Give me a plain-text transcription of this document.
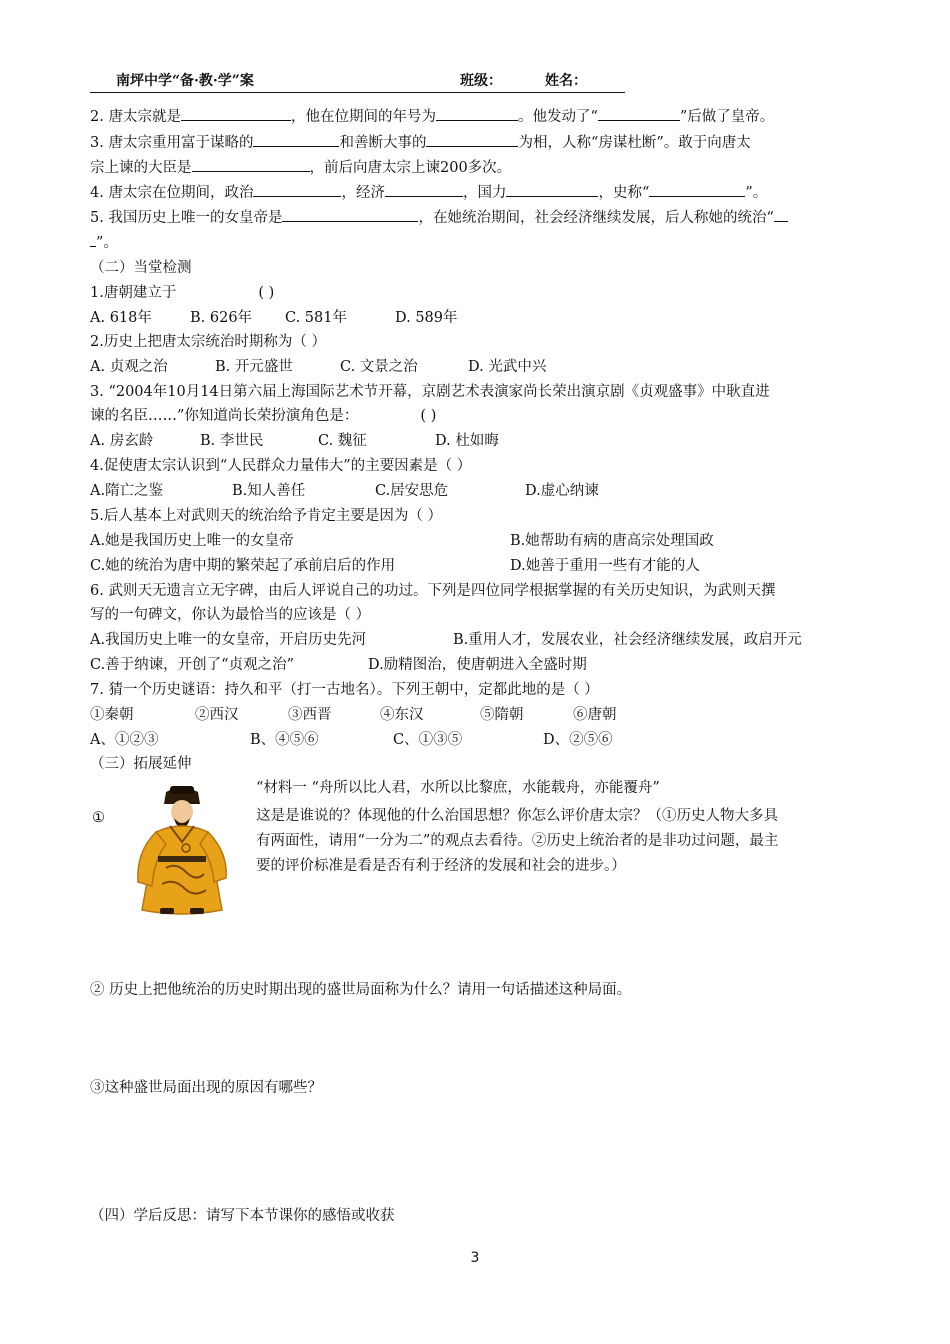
南坪中学“备·教·学”案	班级：	姓名：
2. 唐太宗就是	，他在位期间的年号为	。他发动了“	”后做了皇帝。
3. 唐太宗重用富于谋略的	和善断大事的	为相，人称“房谋杜断”。敢于向唐太
宗上谏的大臣是	，前后向唐太宗上谏200多次。
4. 唐太宗在位期间，政治	，经济	，国力	，史称“	”。
5. 我国历史上唯一的女皇帝是	，在她统治期间，社会经济继续发展，后人称她的统治“
”。
（二）当堂检测
1.唐朝建立于	( )
A. 618年	B. 626年 C. 581年	D. 589年
2.历史上把唐太宗统治时期称为（ ）
A. 贞观之治	B. 开元盛世	C. 文景之治	D. 光武中兴
3. “2004年10月14日第六届上海国际艺术节开幕，京剧艺术表演家尚长荣出演京剧《贞观盛事》中耿直进
谏的名臣……”你知道尚长荣扮演角色是：	( )
A. 房玄龄	B. 李世民	C. 魏征	D. 杜如晦
4.促使唐太宗认识到“人民群众力量伟大”的主要因素是（ ）
A.隋亡之鉴	B.知人善任	C.居安思危	D.虚心纳谏
5.后人基本上对武则天的统治给予肯定主要是因为（ ）
A.她是我国历史上唯一的女皇帝	B.她帮助有病的唐高宗处理国政
C.她的统治为唐中期的繁荣起了承前启后的作用	D.她善于重用一些有才能的人
6. 武则天无遗言立无字碑，由后人评说自己的功过。下列是四位同学根据掌握的有关历史知识，为武则天撰
写的一句碑文，你认为最恰当的应该是（ ）
A.我国历史上唯一的女皇帝，开启历史先河	B.重用人才，发展农业，社会经济继续发展，政启开元
C.善于纳谏，开创了“贞观之治”	D.励精图治，使唐朝进入全盛时期
7. 猜一个历史谜语：持久和平（打一古地名）。下列王朝中，定都此地的是（ ）
①秦朝	②西汉	③西晋	④东汉	⑤隋朝	⑥唐朝
A、①②③	B、④⑤⑥	C、①③⑤	D、②⑤⑥
（三）拓展延伸
“材料一 “舟所以比人君，水所以比黎庶，水能载舟，亦能覆舟”
①	这是是谁说的？体现他的什么治国思想？你怎么评价唐太宗？（①历史人物大多具
有两面性，请用“一分为二”的观点去看待。②历史上统治者的是非功过问题，最主
要的评价标准是看是否有利于经济的发展和社会的进步。）
② 历史上把他统治的历史时期出现的盛世局面称为什么？请用一句话描述这种局面。
③这种盛世局面出现的原因有哪些？
（四）学后反思：请写下本节课你的感悟或收获
3
